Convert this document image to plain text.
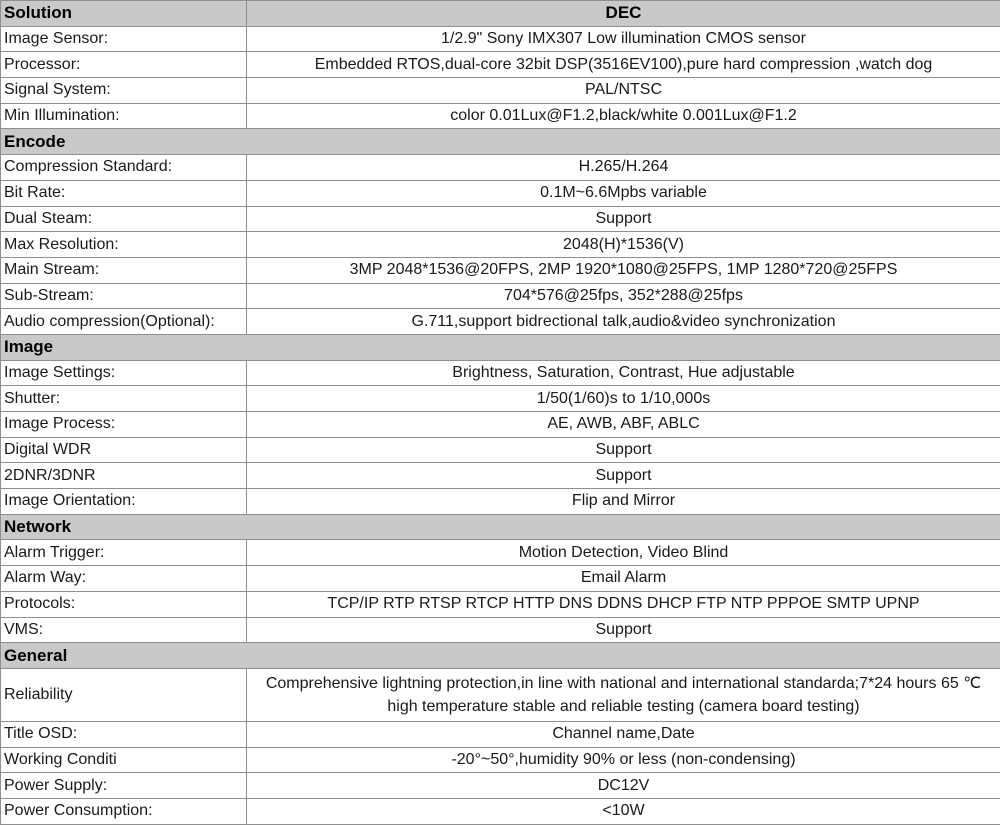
Solution	DEC
Image Sensor:	1/2.9" Sony IMX307 Low illumination CMOS sensor
Processor:	Embedded RTOS,dual-core 32bit DSP(3516EV100),pure hard compression ,watch dog
Signal System:	PAL/NTSC
Min Illumination:	color 0.01Lux@F1.2,black/white 0.001Lux@F1.2
Encode	
Compression Standard:	H.265/H.264
Bit Rate:	0.1M~6.6Mpbs variable
Dual Steam:	Support
Max Resolution:	2048(H)*1536(V)
Main Stream:	3MP 2048*1536@20FPS, 2MP 1920*1080@25FPS, 1MP 1280*720@25FPS
Sub-Stream:	704*576@25fps, 352*288@25fps
Audio compression(Optional):	G.711,support bidrectional talk,audio&video synchronization
Image	
Image Settings:	Brightness, Saturation, Contrast, Hue adjustable
Shutter:	1/50(1/60)s to 1/10,000s
Image Process:	AE, AWB, ABF, ABLC
Digital WDR	Support
2DNR/3DNR	Support
Image Orientation:	Flip and Mirror
Network	
Alarm Trigger:	Motion Detection, Video Blind
Alarm Way:	Email Alarm
Protocols:	TCP/IP RTP RTSP RTCP HTTP DNS DDNS DHCP FTP NTP PPPOE SMTP UPNP
VMS:	Support
General	
Reliability	Comprehensive lightning protection,in line with national and international standarda;7*24 hours 65 ℃ high temperature stable and reliable testing (camera board testing)
Title OSD:	Channel name,Date
Working Conditi	-20°~50°,humidity 90% or less (non-condensing)
Power Supply:	DC12V
Power Consumption:	<10W
